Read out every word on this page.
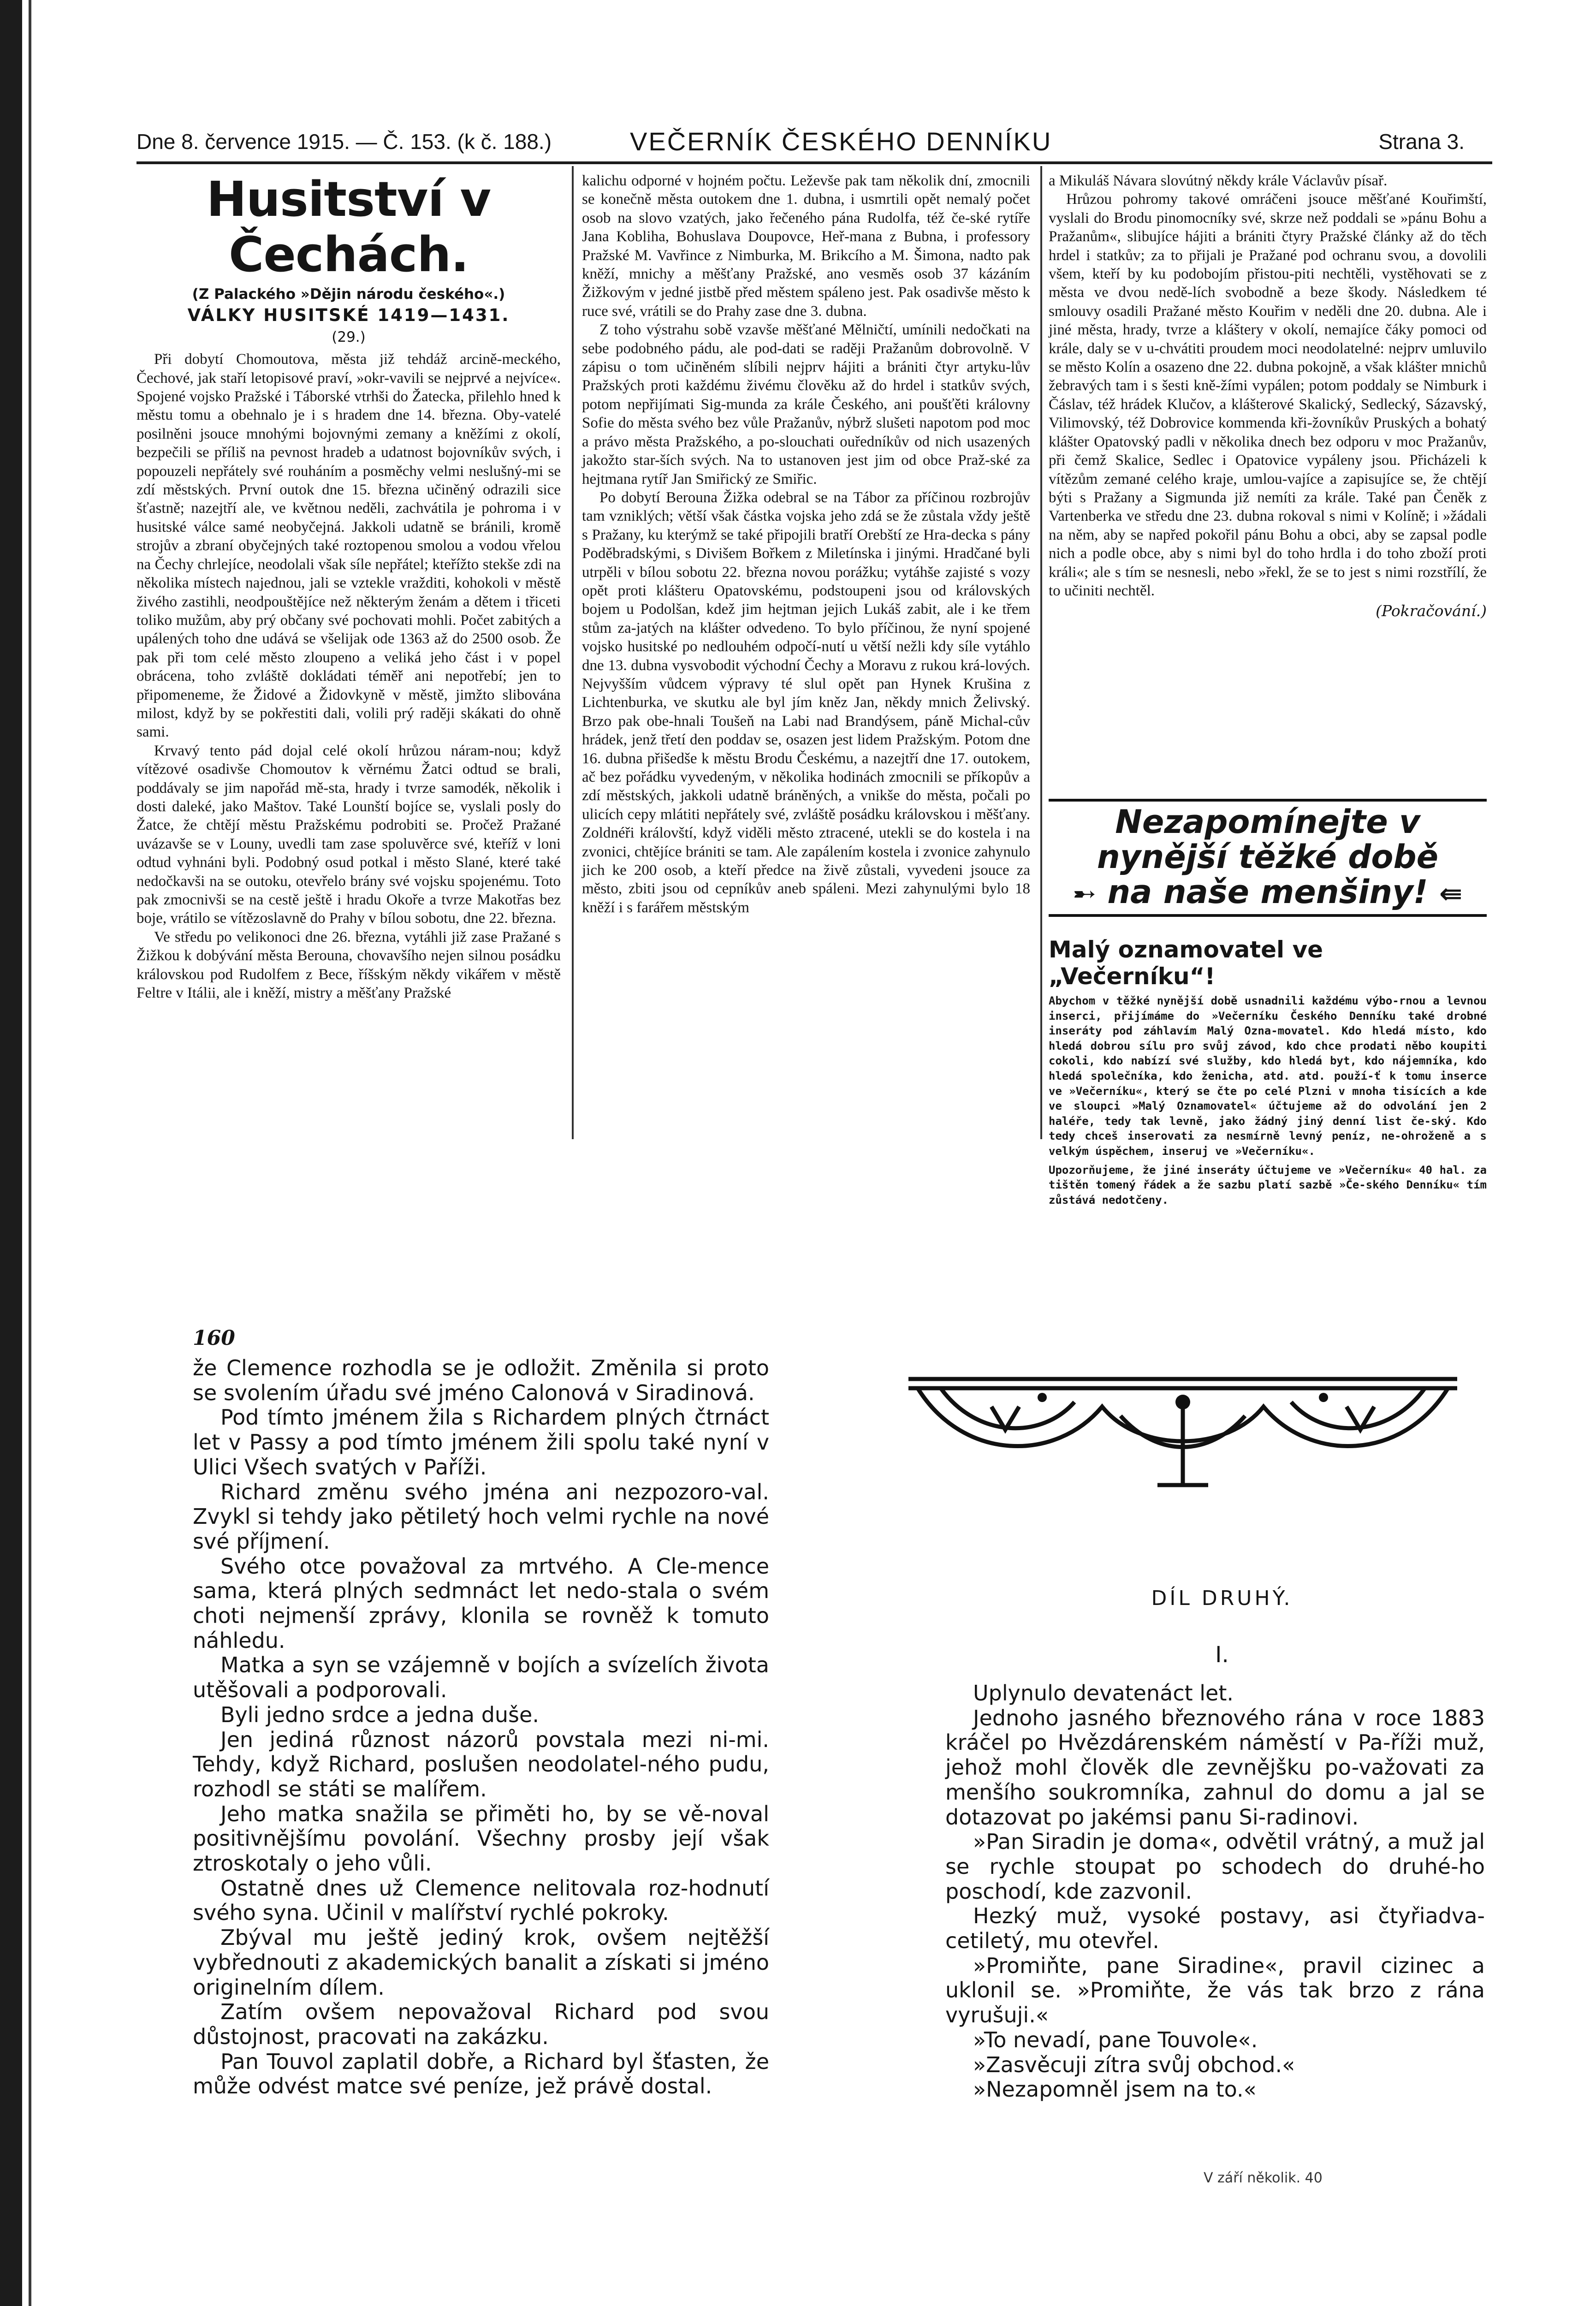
Dne 8. července 1915. — Č. 153. (k č. 188.)	VEČERNÍK ČESKÉHO DENNÍKU	Strana 3.
Husitství v Čechách.
(Z Palackého »Dějin národu českého«.)
VÁLKY HUSITSKÉ 1419—1431.
(29.)

Při dobytí Chomoutova, města již tehdáž arcině-meckého, Čechové, jak staří letopisové praví, »okr-vavili se nejprvé a nejvíce«. Spojené vojsko Pražské i Táborské vtrhši do Žatecka, přilehlo hned k městu tomu a obehnalo je i s hradem dne 14. března. Oby-vatelé posilněni jsouce mnohými bojovnými zemany a kněžími z okolí, bezpečili se příliš na pevnost hradeb a udatnost bojovníkův svých, i popouzeli nepřátely své rouháním a posměchy velmi neslušný-mi se zdí městských. První outok dne 15. března učiněný odrazili sice šťastně; nazejtří ale, ve květnou neděli, zachvátila je pohroma i v husitské válce samé neobyčejná. Jakkoli udatně se bránili, kromě strojův a zbraní obyčejných také roztopenou smolou a vodou vřelou na Čechy chrlejíce, neodolali však síle nepřátel; kteřížto stekše zdi na několika místech najednou, jali se vztekle vražditi, kohokoli v městě živého zastihli, neodpouštějíce než některým ženám a dětem i třiceti toliko mužům, aby prý občany své pochovati mohli. Počet zabitých a upálených toho dne udává se všelijak ode 1363 až do 2500 osob. Že pak při tom celé město zloupeno a veliká jeho část i v popel obrácena, toho zvláště dokládati téměř ani nepotřebí; jen to připomeneme, že Židové a Židovkyně v městě, jimžto slibována milost, když by se pokřestiti dali, volili prý raději skákati do ohně sami.

Krvavý tento pád dojal celé okolí hrůzou náram-nou; když vítězové osadivše Chomoutov k věrnému Žatci odtud se brali, poddávaly se jim napořád mě-sta, hrady i tvrze samodék, několik i dosti daleké, jako Maštov. Také Lounští bojíce se, vyslali posly do Žatce, že chtějí městu Pražskému podrobiti se. Pročež Pražané uvázavše se v Louny, uvedli tam zase spoluvěrce své, kteříž v loni odtud vyhnáni byli. Podobný osud potkal i město Slané, které také nedočkavši na se outoku, otevřelo brány své vojsku spojenému. Toto pak zmocnivši se na cestě ještě i hradu Okoře a tvrze Makotřas bez boje, vrátilo se vítězoslavně do Prahy v bílou sobotu, dne 22. března.

Ve středu po velikonoci dne 26. března, vytáhli již zase Pražané s Žižkou k dobývání města Berouna, chovavšího nejen silnou posádku královskou pod Rudolfem z Bece, říšským někdy vikářem v městě Feltre v Itálii, ale i kněží, mistry a měšťany Pražské

kalichu odporné v hojném počtu. Leževše pak tam několik dní, zmocnili se konečně města outokem dne 1. dubna, i usmrtili opět nemalý počet osob na slovo vzatých, jako řečeného pána Rudolfa, též če-ské rytíře Jana Kobliha, Bohuslava Doupovce, Heř-mana z Bubna, i professory Pražské M. Vavřince z Nimburka, M. Brikcího a M. Šimona, nadto pak kněží, mnichy a měšťany Pražské, ano vesměs osob 37 kázáním Žižkovým v jedné jistbě před městem spáleno jest. Pak osadivše město k ruce své, vrátili se do Prahy zase dne 3. dubna.

Z toho výstrahu sobě vzavše měšťané Mělničtí, umínili nedočkati na sebe podobného pádu, ale pod-dati se raději Pražanům dobrovolně. V zápisu o tom učiněném slíbili nejprv hájiti a brániti čtyr artyku-lův Pražských proti každému živému člověku až do hrdel i statkův svých, potom nepřijímati Sig-munda za krále Českého, ani poušťěti královny Sofie do města svého bez vůle Pražanův, nýbrž slušeti napotom pod moc a právo města Pražského, a po-slouchati ouředníkův od nich usazených jakožto star-ších svých. Na to ustanoven jest jim od obce Praž-ské za hejtmana rytíř Jan Smiřický ze Smiřic.

Po dobytí Berouna Žižka odebral se na Tábor za příčinou rozbrojův tam vzniklých; větší však částka vojska jeho zdá se že zůstala vždy ještě s Pražany, ku kterýmž se také připojili bratří Orebští ze Hra-decka s pány Poděbradskými, s Divišem Bořkem z Miletínska i jinými. Hradčané byli utrpěli v bílou sobotu 22. března novou porážku; vytáhše zajisté s vozy opět proti klášteru Opatovskému, podstoupeni jsou od královských bojem u Podolšan, kdež jim hejtman jejich Lukáš zabit, ale i ke třem stům za-jatých na klášter odvedeno. To bylo příčinou, že nyní spojené vojsko husitské po nedlouhém odpočí-nutí u větší nežli kdy síle vytáhlo dne 13. dubna vysvobodit východní Čechy a Moravu z rukou krá-lových. Nejvyšším vůdcem výpravy té slul opět pan Hynek Krušina z Lichtenburka, ve skutku ale byl jím kněz Jan, někdy mnich Želivský. Brzo pak obe-hnali Toušeň na Labi nad Brandýsem, páně Michal-cův hrádek, jenž třetí den poddav se, osazen jest lidem Pražským. Potom dne 16. dubna přišedše k městu Brodu Českému, a nazejtří dne 17. outokem, ač bez pořádku vyvedeným, v několika hodinách zmocnili se příkopův a zdí městských, jakkoli udatně bráněných, a vnikše do města, počali po ulicích cepy mlátiti nepřátely své, zvláště posádku královskou i měšťany. Zoldnéři královští, když viděli město ztracené, utekli se do kostela i na zvonici, chtějíce brániti se tam. Ale zapálením kostela i zvonice zahynulo jich ke 200 osob, a kteří předce na živě zůstali, vyvedeni jsouce za město, zbiti jsou od cepníkův aneb spáleni. Mezi zahynulými bylo 18 kněží i s farářem městským

a Mikuláš Návara slovútný někdy krále Václavův písař.

Hrůzou pohromy takové omráčeni jsouce měšťané Kouřimští, vyslali do Brodu pinomocníky své, skrze než poddali se »pánu Bohu a Pražanům«, slibujíce hájiti a brániti čtyry Pražské články až do těch hrdel i statkův; za to přijali je Pražané pod ochranu svou, a dovolili všem, kteří by ku podobojím přistou-piti nechtěli, vystěhovati se z města ve dvou nedě-lích svobodně a beze škody. Následkem té smlouvy osadili Pražané město Kouřim v neděli dne 20. dubna. Ale i jiné města, hrady, tvrze a kláštery v okolí, nemajíce čáky pomoci od krále, daly se v u-chvátiti proudem moci neodolatelné: nejprv umluvilo se město Kolín a osazeno dne 22. dubna pokojně, a však klášter mnichů žebravých tam i s šesti kně-žími vypálen; potom poddaly se Nimburk i Čáslav, též hrádek Klučov, a klášterové Skalický, Sedlecký, Sázavský, Vilimovský, též Dobrovice kommenda kři-žovníkův Pruských a bohatý klášter Opatovský padli v několika dnech bez odporu v moc Pražanův, při čemž Skalice, Sedlec i Opatovice vypáleny jsou. Přicházeli k vítězům zemané celého kraje, umlou-vajíce a zapisujíce se, že chtějí býti s Pražany a Sigmunda již nemíti za krále. Také pan Čeněk z Vartenberka ve středu dne 23. dubna rokoval s nimi v Kolíně; i »žádali na něm, aby se napřed pokořil pánu Bohu a obci, aby se zapsal podle nich a podle obce, aby s nimi byl do toho hrdla i do toho zboží proti králi«; ale s tím se nesnesli, nebo »řekl, že se to jest s nimi rozstřílí, že to učiniti nechtěl.

(Pokračování.)
Nezapomínejte v nynější těžké době
➸ na naše menšiny! ⇚
Malý oznamovatel ve „Večerníku“!
Abychom v těžké nynější době usnadnili každému výbo-rnou a levnou inserci, přijímáme do »Večerníku Českého Denníku také drobné inseráty pod záhlavím Malý Ozna-movatel. Kdo hledá místo, kdo hledá dobrou sílu pro svůj závod, kdo chce prodati něbo koupiti cokoli, kdo nabízí své služby, kdo hledá byt, kdo nájemníka, kdo hledá společníka, kdo ženicha, atd. atd. použí-ť k tomu inserce ve »Večerníku«, který se čte po celé Plzni v mnoha tisících a kde ve sloupci »Malý Oznamovatel« účtujeme až do odvolání jen 2 haléře, tedy tak levně, jako žádný jiný denní list če-ský. Kdo tedy chceš inserovati za nesmírně levný peníz, ne-ohroženě a s velkým úspěchem, inseruj ve »Večerníku«.
Upozorňujeme, že jiné inseráty účtujeme ve »Večerníku« 40 hal. za tištěn tomený řádek a že sazbu platí sazbě »Če-ského Denníku« tím zůstává nedotčeny.
160

že Clemence rozhodla se je odložit. Změnila si proto se svolením úřadu své jméno Calonová v Siradinová.

Pod tímto jménem žila s Richardem plných čtrnáct let v Passy a pod tímto jménem žili spolu také nyní v Ulici Všech svatých v Paříži.

Richard změnu svého jména ani nezpozoro-val. Zvykl si tehdy jako pětiletý hoch velmi rychle na nové své příjmení.

Svého otce považoval za mrtvého. A Cle-mence sama, která plných sedmnáct let nedo-stala o svém choti nejmenší zprávy, klonila se rovněž k tomuto náhledu.

Matka a syn se vzájemně v bojích a svízelích života utěšovali a podporovali.

Byli jedno srdce a jedna duše.

Jen jediná různost názorů povstala mezi ni-mi. Tehdy, když Richard, poslušen neodolatel-ného pudu, rozhodl se státi se malířem.

Jeho matka snažila se přiměti ho, by se vě-noval positivnějšímu povolání. Všechny prosby její však ztroskotaly o jeho vůli.

Ostatně dnes už Clemence nelitovala roz-hodnutí svého syna. Učinil v malířství rychlé pokroky.

Zbýval mu ještě jediný krok, ovšem nejtěžší vybřednouti z akademických banalit a získati si jméno originelním dílem.

Zatím ovšem nepovažoval Richard pod svou důstojnost, pracovati na zakázku.

Pan Touvol zaplatil dobře, a Richard byl šťasten, že může odvést matce své peníze, jež právě dostal.

DÍL DRUHÝ.
I.

Uplynulo devatenáct let.

Jednoho jasného březnového rána v roce 1883 kráčel po Hvězdárenském náměstí v Pa-říži muž, jehož mohl člověk dle zevnějšku po-važovati za menšího soukromníka, zahnul do domu a jal se dotazovat po jakémsi panu Si-radinovi.

»Pan Siradin je doma«, odvětil vrátný, a muž jal se rychle stoupat po schodech do druhé-ho poschodí, kde zazvonil.

Hezký muž, vysoké postavy, asi čtyřiadva-cetiletý, mu otevřel.

»Promiňte, pane Siradine«, pravil cizinec a uklonil se. »Promiňte, že vás tak brzo z rána vyrušuji.«

»To nevadí, pane Touvole«.

»Zasvěcuji zítra svůj obchod.«

»Nezapomněl jsem na to.«

V září několik. 40
